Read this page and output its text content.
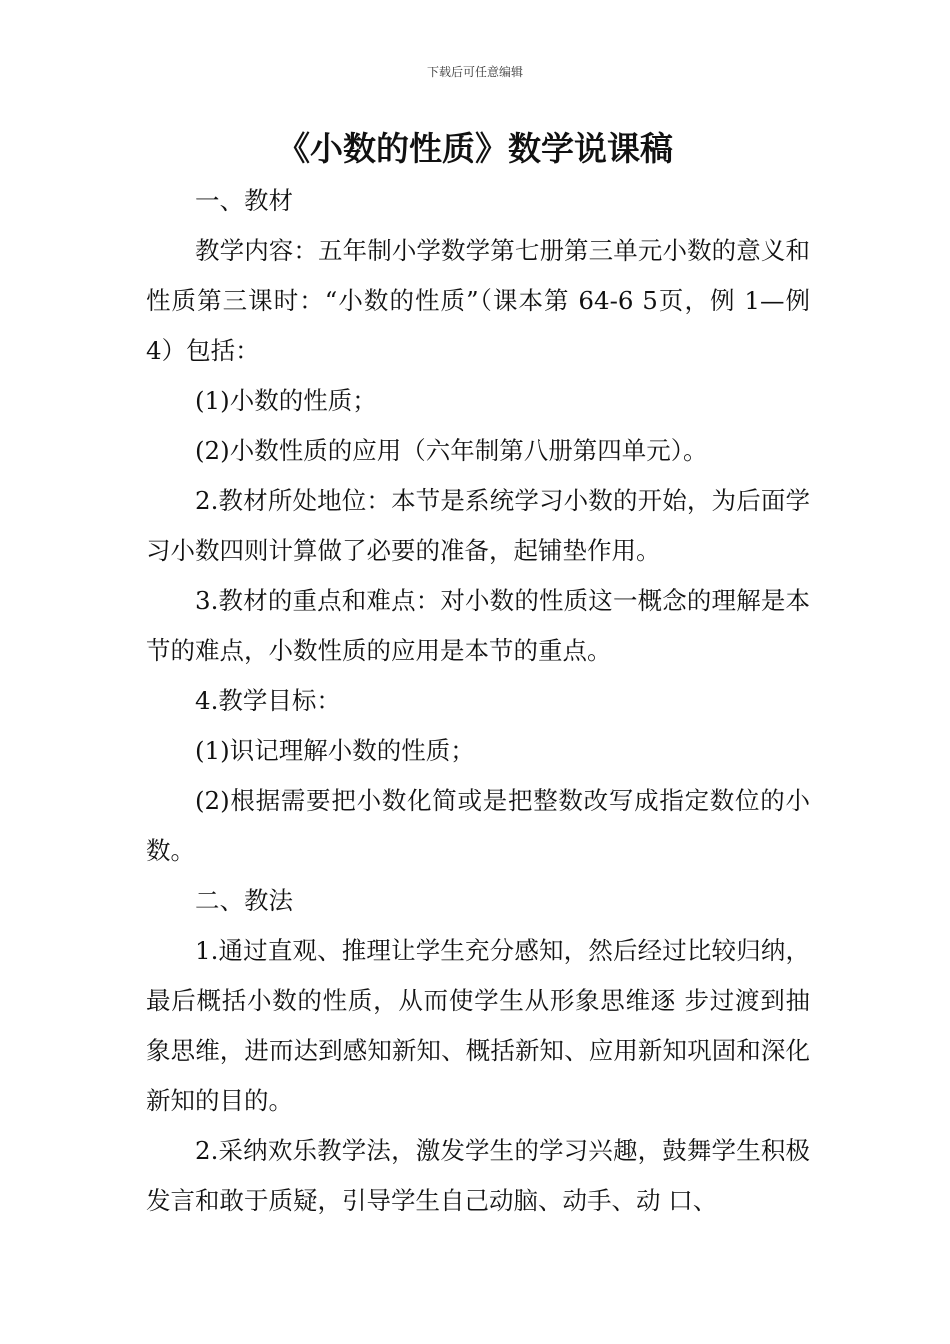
下载后可任意编辑
《小数的性质》数学说课稿

一、教材

教学内容：五年制小学数学第七册第三单元小数的意义和性质第三课时：“小数的性质”（课本第 64-6 5页，例 1—例 4）包括：

(1)小数的性质；

(2)小数性质的应用（六年制第八册第四单元）。

2.教材所处地位：本节是系统学习小数的开始，为后面学习小数四则计算做了必要的准备，起铺垫作用。

3.教材的重点和难点：对小数的性质这一概念的理解是本节的难点，小数性质的应用是本节的重点。

4.教学目标：

(1)识记理解小数的性质；

(2)根据需要把小数化简或是把整数改写成指定数位的小数。

二、教法

1.通过直观、推理让学生充分感知，然后经过比较归纳，最后概括小数的性质，从而使学生从形象思维逐 步过渡到抽象思维，进而达到感知新知、概括新知、应用新知巩固和深化新知的目的。

2.采纳欢乐教学法，激发学生的学习兴趣，鼓舞学生积极发言和敢于质疑，引导学生自己动脑、动手、动 口、
